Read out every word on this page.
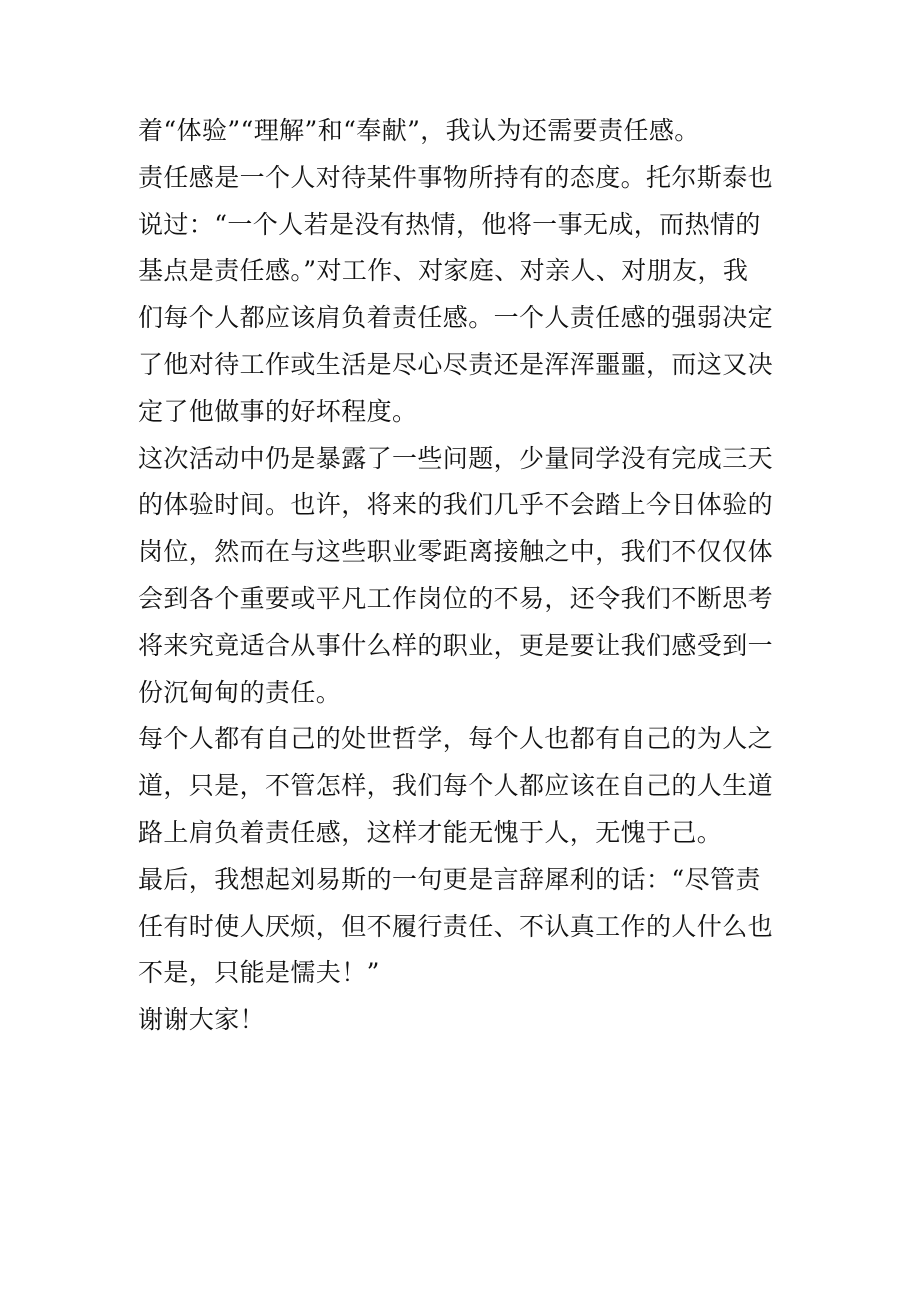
着“体验”“理解”和“奉献”，我认为还需要责任感。
责任感是一个人对待某件事物所持有的态度。托尔斯泰也
说过：“一个人若是没有热情，他将一事无成，而热情的
基点是责任感。”对工作、对家庭、对亲人、对朋友，我
们每个人都应该肩负着责任感。一个人责任感的强弱决定
了他对待工作或生活是尽心尽责还是浑浑噩噩，而这又决
定了他做事的好坏程度。
这次活动中仍是暴露了一些问题，少量同学没有完成三天
的体验时间。也许，将来的我们几乎不会踏上今日体验的
岗位，然而在与这些职业零距离接触之中，我们不仅仅体
会到各个重要或平凡工作岗位的不易，还令我们不断思考
将来究竟适合从事什么样的职业，更是要让我们感受到一
份沉甸甸的责任。
每个人都有自己的处世哲学，每个人也都有自己的为人之
道，只是，不管怎样，我们每个人都应该在自己的人生道
路上肩负着责任感，这样才能无愧于人，无愧于己。
最后，我想起刘易斯的一句更是言辞犀利的话：“尽管责
任有时使人厌烦，但不履行责任、不认真工作的人什么也
不是，只能是懦夫！”
谢谢大家！
